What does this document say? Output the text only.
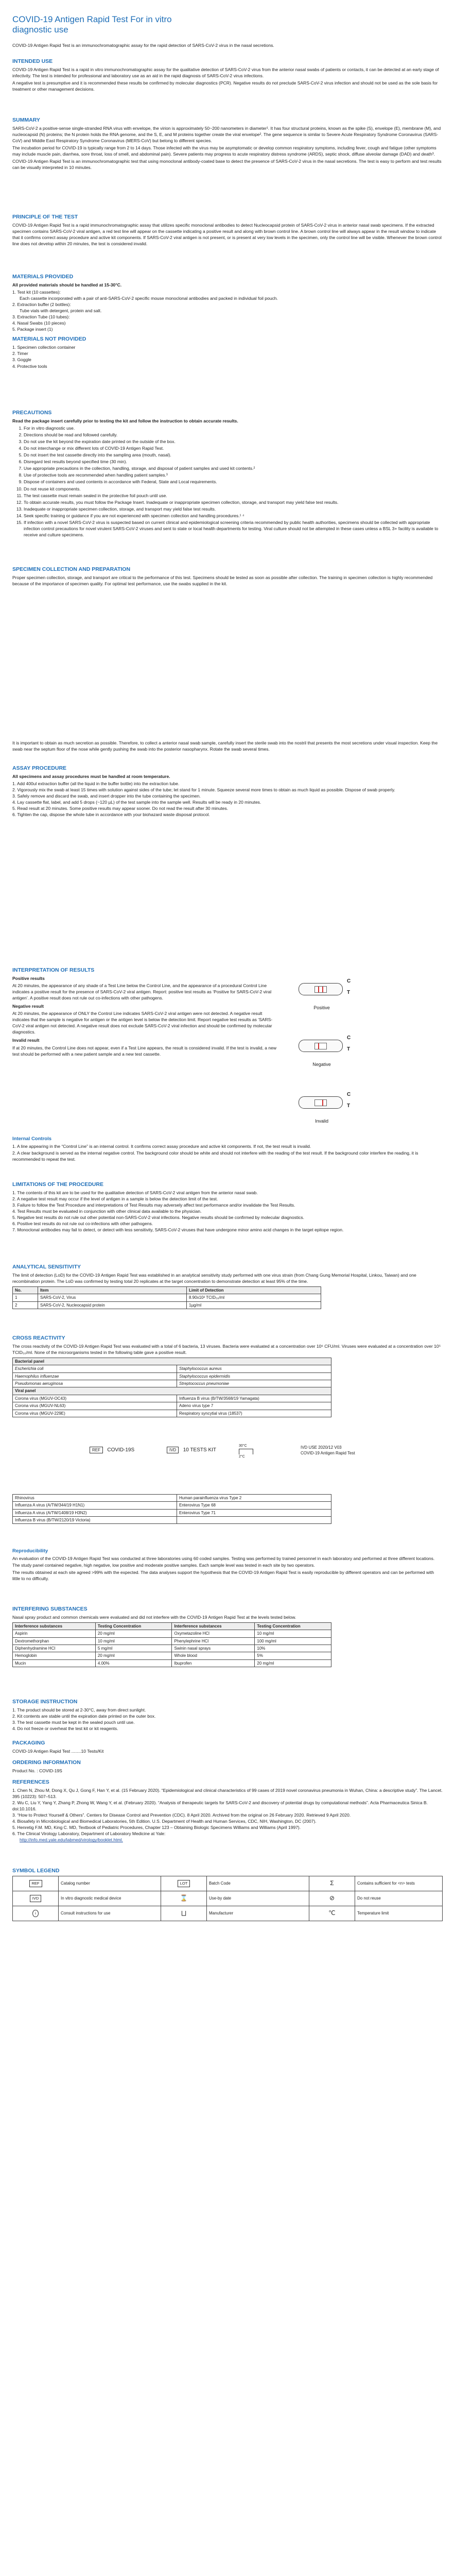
COVID-19 Antigen Rapid Test For in vitro
diagnostic use

COVID-19 Antigen Rapid Test is an immunochromatographic assay for the rapid detection of SARS-CoV-2 virus in the nasal secretions.

INTENDED USE

COVID-19 Antigen Rapid Test is a rapid in vitro immunochromatographic assay for the qualitative detection of SARS-CoV-2 virus from the anterior nasal swabs of patients or contacts, it can be detected at an early stage of infectivity. The test is intended for professional and laboratory use as an aid in the rapid diagnosis of SARS-CoV-2 virus infections.

A negative test is presumptive and it is recommended these results be confirmed by molecular diagnostics (PCR). Negative results do not preclude SARS-CoV-2 virus infection and should not be used as the sole basis for treatment or other management decisions.

SUMMARY

SARS-CoV-2 a positive-sense single-stranded RNA virus with envelope, the virion is approximately 50~200 nanometers in diameter¹. It has four structural proteins, known as the spike (S), envelope (E), membrane (M), and nucleocapsid (N) proteins; the N protein holds the RNA genome, and the S, E, and M proteins together create the viral envelope². The gene sequence is similar to Severe Acute Respiratory Syndrome Coronavirus (SARS-CoV) and Middle East Respiratory Syndrome Coronavirus (MERS-CoV) but belong to different species.

The incubation period for COVID-19 is typically range from 2 to 14 days. Those infected with the virus may be asymptomatic or develop common respiratory symptoms, including fever, cough and fatigue (other symptoms may include muscle pain, diarrhea, sore throat, loss of smell, and abdominal pain). Severe patients may progress to acute respiratory distress syndrome (ARDS), septic shock, diffuse alveolar damage (DAD) and death³.

COVID-19 Antigen Rapid Test is an immunochromatographic test that using monoclonal antibody-coated base to detect the presence of SARS-CoV-2 virus in the nasal secretions. The test is easy to perform and test results can be visually interpreted in 10 minutes.

PRINCIPLE OF THE TEST

COVID-19 Antigen Rapid Test is a rapid immunochromatographic assay that utilizes specific monoclonal antibodies to detect Nucleocapsid protein of SARS-CoV-2 virus in anterior nasal swab specimens. If the extracted specimen contains SARS-CoV-2 viral antigen, a red test line will appear on the cassette indicating a positive result and along with brown control line. A brown control line will always appear in the result window to indicate that it confirms correct assay procedure and active kit components. If SARS-CoV-2 viral antigen is not present, or is present at very low levels in the specimen, only the control line will be visible. Whenever the brown control line does not develop within 20 minutes, the test is considered invalid.

MATERIALS PROVIDED

All provided materials should be handled at 15-30°C.

1. Test kit (10 cassettes):
Each cassette incorporated with a pair of anti-SARS-CoV-2 specific mouse monoclonal antibodies and packed in individual foil pouch.
2. Extraction buffer (2 bottles):
Tube vials with detergent, protein and salt.
3. Extraction Tube (10 tubes):
4. Nasal Swabs (10 pieces)
5. Package insert (1)
MATERIALS NOT PROVIDED
1. Specimen collection container
2. Timer
3. Goggle
4. Protective tools
PRECAUTIONS

Read the package insert carefully prior to testing the kit and follow the instruction to obtain accurate results.

1. For in vitro diagnostic use.
2. Directions should be read and followed carefully.
3. Do not use the kit beyond the expiration date printed on the outside of the box.
4. Do not interchange or mix different lots of COVID-19 Antigen Rapid Test.
5. Do not insert the test cassette directly into the sampling area (mouth, nasal).
6. Disregard test results beyond specified time (30 min).
7. Use appropriate precautions in the collection, handling, storage, and disposal of patient samples and used kit contents.²
8. Use of protective tools are recommended when handling patient samples.³
9. Dispose of containers and used contents in accordance with Federal, State and Local requirements.
10. Do not reuse kit components.
11. The test cassette must remain sealed in the protective foil pouch until use.
12. To obtain accurate results, you must follow the Package Insert. Inadequate or inappropriate specimen collection, storage, and transport may yield false test results.
13. Inadequate or inappropriate specimen collection, storage, and transport may yield false test results.
14. Seek specific training or guidance if you are not experienced with specimen collection and handling procedures.¹ ⁴
15. If infection with a novel SARS-CoV-2 virus is suspected based on current clinical and epidemiological screening criteria recommended by public health authorities, specimens should be collected with appropriate infection control precautions for novel virulent SARS-CoV-2 viruses and sent to state or local health departments for testing. Viral culture should not be attempted in these cases unless a BSL 3+ facility is available to receive and culture specimens.
SPECIMEN COLLECTION AND PREPARATION

Proper specimen collection, storage, and transport are critical to the performance of this test. Specimens should be tested as soon as possible after collection. The training in specimen collection is highly recommended because of the importance of specimen quality. For optimal test performance, use the swabs supplied in the kit.

It is important to obtain as much secretion as possible. Therefore, to collect a anterior nasal swab sample, carefully insert the sterile swab into the nostril that presents the most secretions under visual inspection. Keep the swab near the septum floor of the nose while gently pushing the swab into the posterior nasopharynx. Rotate the swab several times.

ASSAY PROCEDURE

All specimens and assay procedures must be handled at room temperature.

1. Add 400ul extraction buffer (all the liquid in the buffer bottle) into the extraction tube.
2. Vigorously mix the swab at least 15 times with solution against sides of the tube; let stand for 1 minute. Squeeze several more times to obtain as much liquid as possible. Dispose of swab properly.
3. Safely remove and discard the swab, and insert dropper into the tube containing the specimen.
4. Lay cassette flat, label, and add 5 drops (~120 µL) of the test sample into the sample well. Results will be ready in 20 minutes.
5. Read result at 20 minutes. Some positive results may appear sooner. Do not read the result after 30 minutes.
6. Tighten the cap, dispose the whole tube in accordance with your biohazard waste disposal protocol.
INTERPRETATION OF RESULTS

Positive results

At 20 minutes, the appearance of any shade of a Test Line below the Control Line, and the appearance of a procedural Control Line indicates a positive result for the presence of SARS-CoV-2 viral antigen. Report: positive test results as ‘Positive for SARS-CoV-2 viral antigen’. A positive result does not rule out co-infections with other pathogens.

Negative result

At 20 minutes, the appearance of ONLY the Control Line indicates SARS-CoV-2 viral antigen were not detected. A negative result indicates that the sample is negative for antigen or the antigen level is below the detection limit. Report negative test results as ‘SARS-CoV-2 viral antigen not detected. A negative result does not exclude SARS-CoV-2 viral infection and should be confirmed by molecular diagnostics.

Invalid result

If at 20 minutes, the Control Line does not appear, even if a Test Line appears, the result is considered invalid. If the test is invalid, a new test should be performed with a new patient sample and a new test cassette.

C
T
Positive
C
T
Negative
C
T
Invalid
Internal Controls
1. A line appearing in the “Control Line” is an internal control. It confirms correct assay procedure and active kit components. If not, the test result is invalid.
2. A clear background is served as the internal negative control. The background color should be white and should not interfere with the reading of the test result. If the background color interfere the reading, it is recommended to repeat the test.
LIMITATIONS OF THE PROCEDURE
1. The contents of this kit are to be used for the qualitative detection of SARS-CoV-2 viral antigen from the anterior nasal swab.
2. A negative test result may occur if the level of antigen in a sample is below the detection limit of the test.
3. Failure to follow the Test Procedure and interpretations of Test Results may adversely affect test performance and/or invalidate the Test Results.
4. Test Results must be evaluated in conjunction with other clinical data available to the physician.
5. Negative test results do not rule out other potential non-SARS-CoV-2 viral infections. Negative results should be confirmed by molecular diagnostics.
6. Positive test results do not rule out co-infections with other pathogens.
7. Monoclonal antibodies may fail to detect, or detect with less sensitivity, SARS-CoV-2 viruses that have undergone minor amino acid changes in the target epitope region.
ANALYTICAL SENSITIVITY

The limit of detection (LoD) for the COVID-19 Antigen Rapid Test was established in an analytical sensitivity study performed with one virus strain (from Chang Gung Memorial Hospital, Linkou, Taiwan) and one recombination protein. The LoD was confirmed by testing total 20 replicates at the target concentration to demonstrate detection at least 95% of the time.

No.	Item	Limit of Detection
1	SARS-CoV-2, Virus	8.90x10² TCID₅₀/ml
2	SARS-CoV-2, Nucleocapsid protein	1µg/ml
CROSS REACTIVITY

The cross reactivity of the COVID-19 Antigen Rapid Test was evaluated with a total of 6 bacteria, 13 viruses. Bacteria were evaluated at a concentration over 10⁶ CFU/ml. Viruses were evaluated at a concentration over 10⁵ TCID₅₀/ml. None of the microorganisms tested in the following table gave a positive result.

Bacterial panel	
Escherichia coli	Staphylococcus aureus
Haemophilus influenzae	Staphylococcus epidermidis
Pseudomonas aeruginosa	Streptococcus pneumoniae
Viral panel	
Corona virus (MGUV-OC43)	Influenza B virus (B/TW/3568/19 Yamagata)
Corona virus (MGUV-NL63)	Adeno virus type 7
Corona virus (MGUV-229E)	Respiratory syncytial virus (18537)
REF COVID-19S	IVD 10 TESTS KIT
30°C
2°C
IVD USE 2020/12 V03
COVID-19 Antigen Rapid Test
Rhinovirus	Human parainfluenza virus Type 2
Influenza A virus (A/TW/344/19 H1N1)	Enterovirus Type 68
Influenza A virus (A/TW/1408/19 H3N2)	Enterovirus Type 71
Influenza B virus (B/TW/2120/19 Victoria)	
Reproducibility

An evaluation of the COVID-19 Antigen Rapid Test was conducted at three laboratories using 60 coded samples. Testing was performed by trained personnel in each laboratory and performed at three different locations. The study panel contained negative, high negative, low positive and moderate positive samples. Each sample level was tested in each site by two operators.

The results obtained at each site agreed >99% with the expected. The data analyses support the hypothesis that the COVID-19 Antigen Rapid Test is easily reproducible by different operators and can be performed with little to no difficulty.

INTERFERING SUBSTANCES

Nasal spray product and common chemicals were evaluated and did not interfere with the COVID-19 Antigen Rapid Test at the levels tested below.

Interference substances	Testing Concentration	Interference substances	Testing Concentration
Aspirin	20 mg/ml	Oxymetazoline HCl	10 mg/ml
Dextromethorphan	10 mg/ml	Phenylephrine HCl	100 mg/ml
Diphenhydramine HCl	5 mg/ml	Swinin nasal sprays	10%
Hemoglobin	20 mg/ml	Whole blood	5%
Mucin	4.00%	Ibuprofen	20 mg/ml
STORAGE INSTRUCTION
1. The product should be stored at 2-30°C, away from direct sunlight.
2. Kit contents are stable until the expiration date printed on the outer box.
3. The test cassette must be kept in the sealed pouch until use.
4. Do not freeze or overheat the test kit or kit reagents.
PACKAGING

COVID-19 Antigen Rapid Test ........10 Tests/Kit

ORDERING INFORMATION

Product No. : COVID-19S

REFERENCES
1. Chen N, Zhou M, Dong X, Qu J, Gong F, Han Y, et al. (15 February 2020). “Epidemiological and clinical characteristics of 99 cases of 2019 novel coronavirus pneumonia in Wuhan, China: a descriptive study”. The Lancet. 395 (10223): 507–513.
2. Wu C, Liu Y, Yang Y, Zhang P, Zhong W, Wang Y, et al. (February 2020). “Analysis of therapeutic targets for SARS-CoV-2 and discovery of potential drugs by computational methods”. Acta Pharmaceutica Sinica B. doi:10.1016.
3. “How to Protect Yourself & Others”. Centers for Disease Control and Prevention (CDC). 8 April 2020. Archived from the original on 26 February 2020. Retrieved 9 April 2020.
4. Biosafety in Microbiological and Biomedical Laboratories, 5th Edition. U.S. Department of Health and Human Services, CDC, NIH, Washington, DC (2007).
5. Henretig F.M. MD, King C. MD, Textbook of Pediatric Procedures, Chapter 123 – Obtaining Biologic Specimens Williams and Williams (April 1997).
6. The Clinical Virology Laboratory, Department of Laboratory Medicine at Yale:
http://info.med.yale.edu/labmed/virology/booklet.html.
SYMBOL LEGEND
REF	Catalog number	LOT	Batch Code	Σ	Contains sufficient for <n> tests
IVD	In vitro diagnostic medical device	⌛	Use-by date	⊘	Do not reuse
i	Consult instructions for use	⨆	Manufacturer	℃	Temperature limit
